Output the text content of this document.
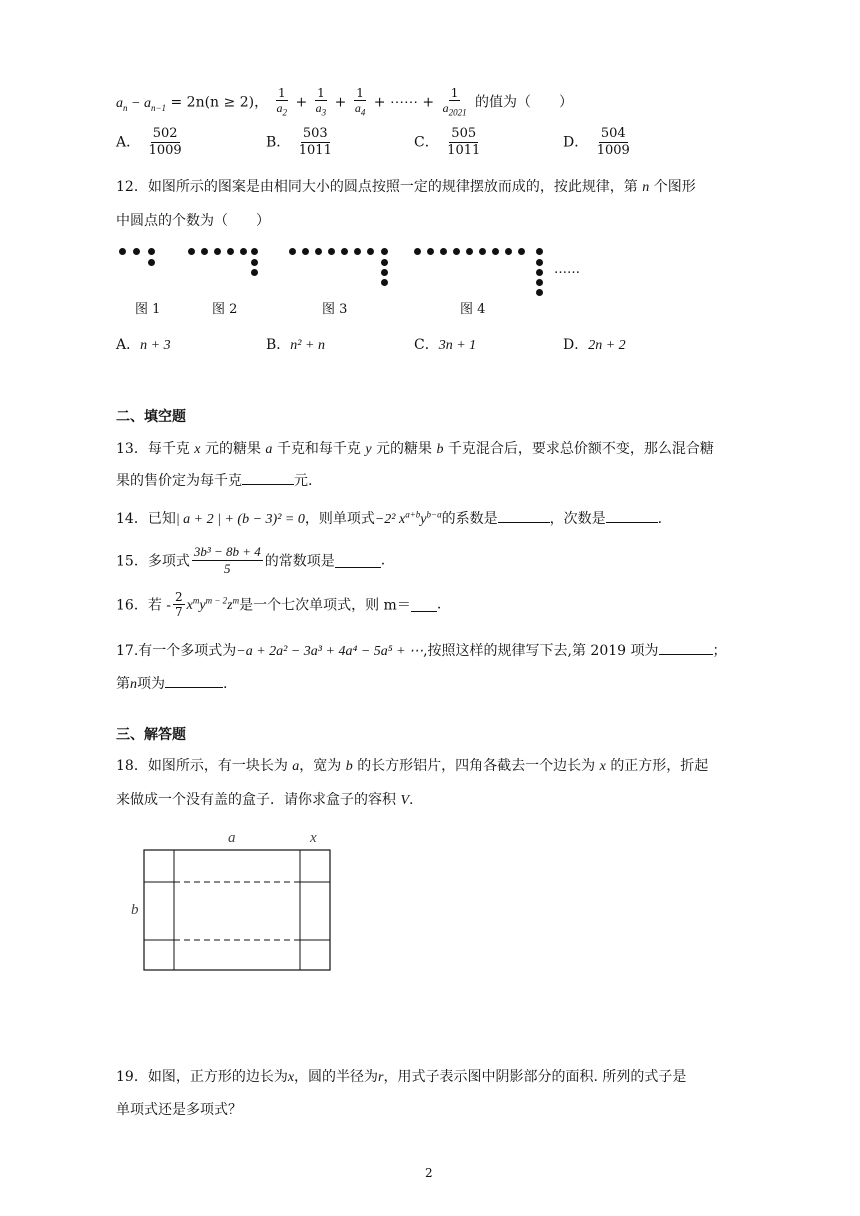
$a_n - a_{n-1} = 2n(n \ge 2)$， $\frac{1}{a_2} + \frac{1}{a_3} + \frac{1}{a_4}$ + ⋯⋯ + $\frac{1}{a_{2021}}$ 的值为（　　）
A． $\frac{502}{1009}$	B． $\frac{503}{1011}$	C． $\frac{505}{1011}$	D． $\frac{504}{1009}$
12．如图所示的图案是由相同大小的圆点按照一定的规律摆放而成的，按此规律，第 n 个图形
中圆点的个数为（　　）
……
图 1	图 2	图 3	图 4
A．n + 3	B．n² + n	C．3n + 1	D．2n + 2
二、填空题
13．每千克 x 元的糖果 a 千克和每千克 y 元的糖果 b 千克混合后，要求总价额不变，那么混合糖
果的售价定为每千克	元.
14．已知| a + 2 | + (b − 3)² = 0，则单项式−2² $x^{a+b}y^{b-a}$的系数是	，次数是	.
15．多项式 $\frac{\text{3b³ − 8b + 4}}{5}$ 的常数项是	.
16．若 - $\frac{2}{7} x^my^{m - 2}z^m$是一个七次单项式，则 m＝ .
17.有一个多项式为−a + 2a² − 3a³ + 4a⁴ − 5a⁵ + ⋯,按照这样的规律写下去,第 2019 项为	；
第n项为	.
三、解答题
18．如图所示，有一块长为 a，宽为 b 的长方形铝片，四角各截去一个边长为 x 的正方形，折起
来做成一个没有盖的盒子．请你求盒子的容积 V.
a	x
b
19．如图，正方形的边长为x，圆的半径为r，用式子表示图中阴影部分的面积. 所列的式子是
单项式还是多项式？
2
